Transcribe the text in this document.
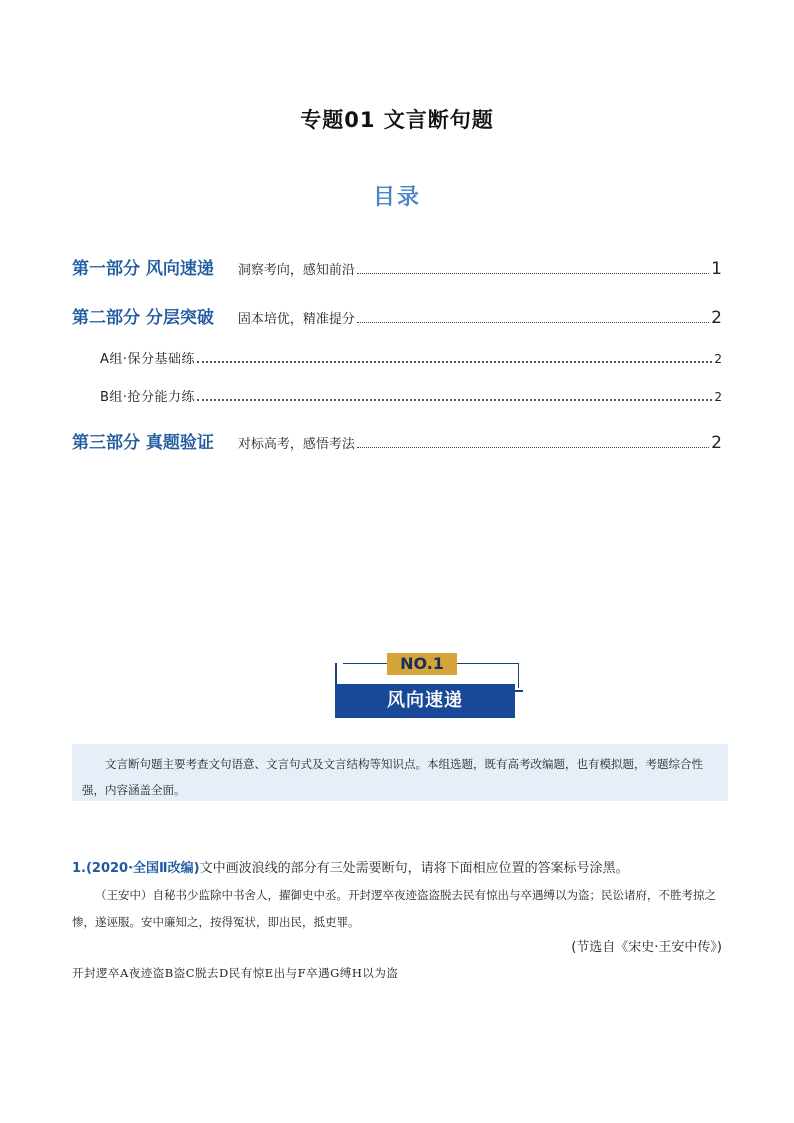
专题01 文言断句题
目录
第一部分 风向速递 洞察考向，感知前沿	1
第二部分 分层突破 固本培优，精准提分	2
A组·保分基础练	2
B组·抢分能力练	2
第三部分 真题验证 对标高考，感悟考法	2
NO.1
风向速递
文言断句题主要考查文句语意、文言句式及文言结构等知识点。本组选题，既有高考改编题，也有模拟题，考题综合性强，内容涵盖全面。
1.(2020·全国Ⅱ改编)文中画波浪线的部分有三处需要断句，请将下面相应位置的答案标号涂黑。
（王安中）自秘书少监除中书舍人，擢御史中丞。开封逻卒夜迹盗盗脱去民有惊出与卒遇缚以为盗；民讼诸府，不胜考掠之惨，遂诬服。安中廉知之，按得冤状，即出民，抵吏罪。
(节选自《宋史·王安中传》)
开封逻卒A夜迹盗B盗C脱去D民有惊E出与F卒遇G缚H以为盗
